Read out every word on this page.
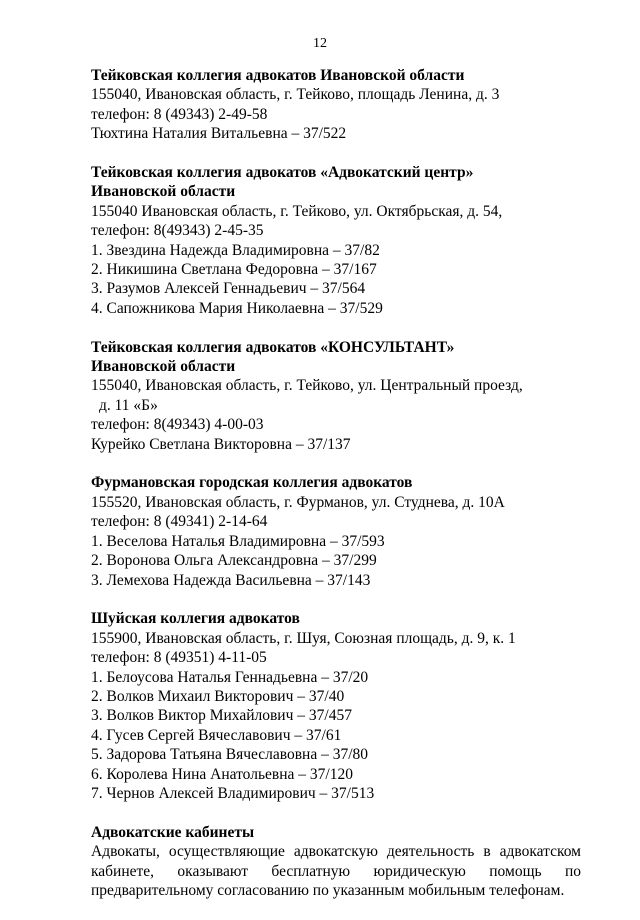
12
Тейковская коллегия адвокатов Ивановской области
155040, Ивановская область, г. Тейково, площадь Ленина, д. 3
телефон: 8 (49343) 2-49-58
Тюхтина Наталия Витальевна – 37/522
Тейковская коллегия адвокатов «Адвокатский центр»
Ивановской области
155040 Ивановская область, г. Тейково, ул. Октябрьская, д. 54,
телефон: 8(49343) 2-45-35
1. Звездина Надежда Владимировна – 37/82
2. Никишина Светлана Федоровна – 37/167
3. Разумов Алексей Геннадьевич – 37/564
4. Сапожникова Мария Николаевна – 37/529
Тейковская коллегия адвокатов «КОНСУЛЬТАНТ»
Ивановской области
155040, Ивановская область, г. Тейково, ул. Центральный проезд,
д. 11 «Б»
телефон: 8(49343) 4-00-03
Курейко Светлана Викторовна – 37/137
Фурмановская городская коллегия адвокатов
155520, Ивановская область, г. Фурманов, ул. Студнева, д. 10А
телефон: 8 (49341) 2-14-64
1. Веселова Наталья Владимировна – 37/593
2. Воронова Ольга Александровна – 37/299
3. Лемехова Надежда Васильевна – 37/143
Шуйская коллегия адвокатов
155900, Ивановская область, г. Шуя, Союзная площадь, д. 9, к. 1
телефон: 8 (49351) 4-11-05
1. Белоусова Наталья Геннадьевна – 37/20
2. Волков Михаил Викторович – 37/40
3. Волков Виктор Михайлович – 37/457
4. Гусев Сергей Вячеславович – 37/61
5. Задорова Татьяна Вячеславовна – 37/80
6. Королева Нина Анатольевна – 37/120
7. Чернов Алексей Владимирович – 37/513
Адвокатские кабинеты
Адвокаты, осуществляющие адвокатскую деятельность в адвокатском кабинете, оказывают бесплатную юридическую помощь по предварительному согласованию по указанным мобильным телефонам.
